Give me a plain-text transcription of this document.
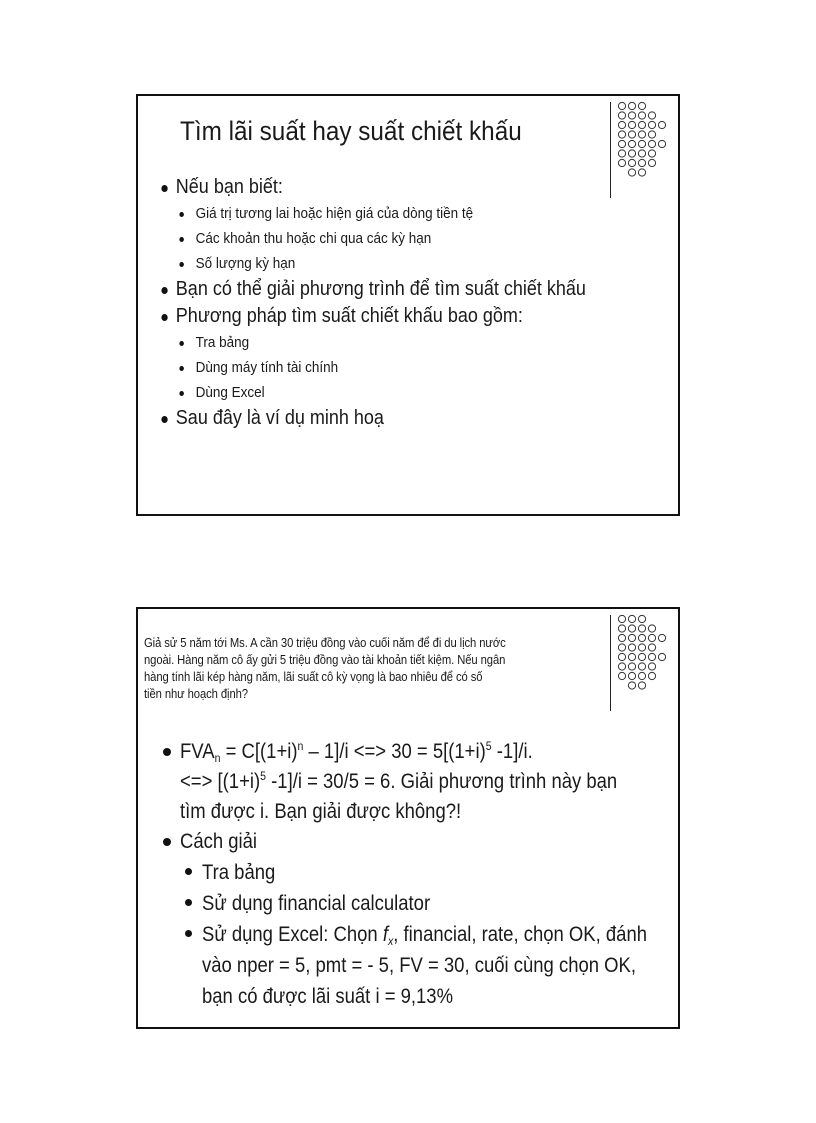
Tìm lãi suất hay suất chiết khấu
Nếu bạn biết:
Giá trị tương lai hoặc hiện giá của dòng tiền tệ
Các khoản thu hoặc chi qua các kỳ hạn
Số lượng kỳ hạn
Bạn có thể giải phương trình để tìm suất chiết khấu
Phương pháp tìm suất chiết khấu bao gồm:
Tra bảng
Dùng máy tính tài chính
Dùng Excel
Sau đây là ví dụ minh hoạ
Giả sử 5 năm tới Ms. A cần 30 triệu đồng vào cuối năm để đi du lịch nước
ngoài. Hàng năm cô ấy gửi 5 triệu đồng vào tài khoản tiết kiệm. Nếu ngân
hàng tính lãi kép hàng năm, lãi suất cô kỳ vọng là bao nhiêu để có số
tiền như hoạch định?
$FVA_n = C[(1+i)^n - 1]/i$ <=> $30 = 5[(1+i)^5$ -1]/i.
<=> [$(1+i)^5$ -1]/i = 30/5 = 6. Giải phương trình này bạn
tìm được i. Bạn giải được không?!
Cách giải
Tra bảng
Sử dụng financial calculator
Sử dụng Excel: Chọn $f_x$, financial, rate, chọn OK, đánh
vào nper = 5, pmt = - 5, FV = 30, cuối cùng chọn OK,
bạn có được lãi suất i = 9,13%
